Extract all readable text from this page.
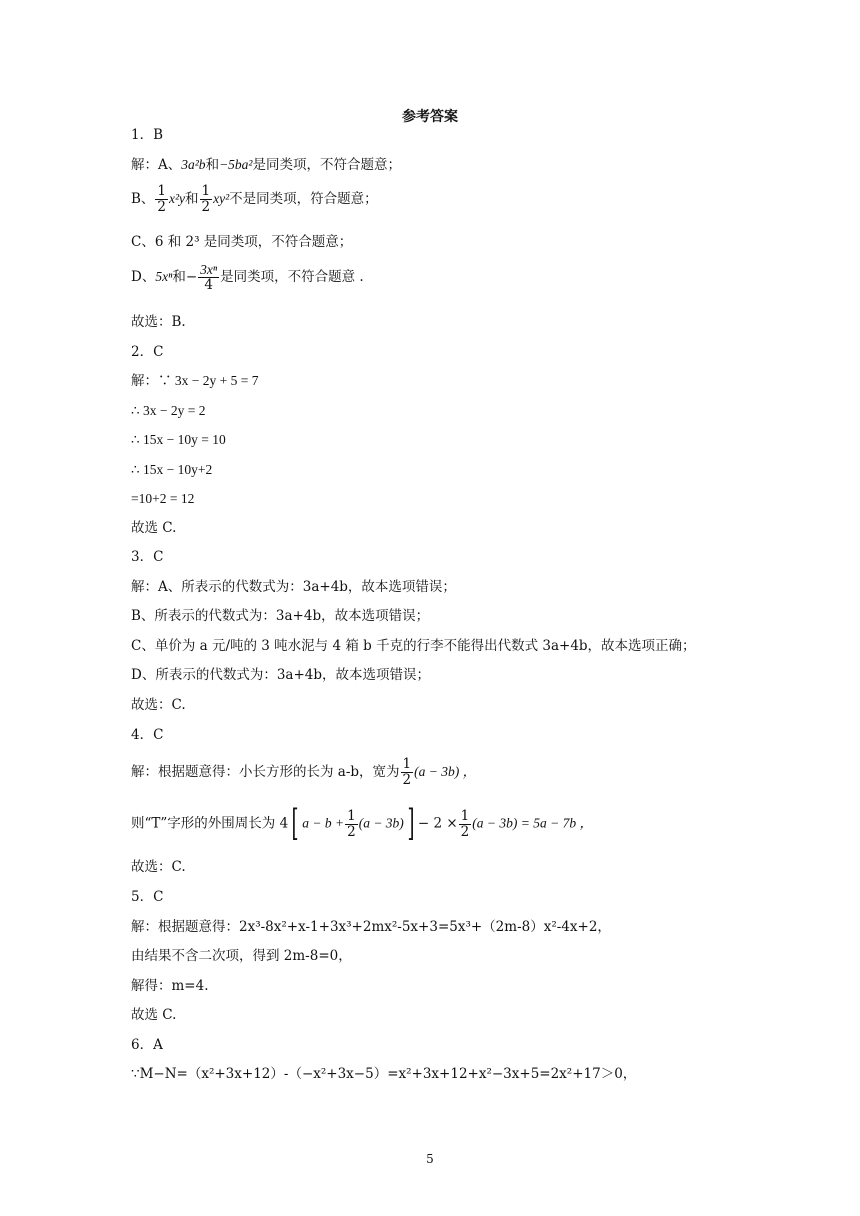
参考答案
1．B
解：A、3a²b和−5ba²是同类项，不符合题意；
B、 $\frac{1}{2} x^2y$和 $\frac{1}{2} xy^2$不是同类项，符合题意；
C、6 和 2³ 是同类项，不符合题意；
D、5xⁿ和− $\frac{\text{3xⁿ}}{4}$ 是同类项，不符合题意 .
故选：B.
2．C
解：∵ 3x − 2y + 5 = 7
∴ 3x − 2y = 2
∴ 15x − 10y = 10
∴ 15x − 10y+2
=10+2 = 12
故选 C.
3．C
解：A、所表示的代数式为：3a+4b，故本选项错误；
B、所表示的代数式为：3a+4b，故本选项错误；
C、单价为 a 元/吨的 3 吨水泥与 4 箱 b 千克的行李不能得出代数式 3a+4b，故本选项正确；
D、所表示的代数式为：3a+4b，故本选项错误；
故选：C.
4．C
解：根据题意得：小长方形的长为 a-b，宽为 $\frac{1}{2} (a - 3b)$ ，
则“T”字形的外围周长为 4[ $a - b + \frac{1}{2} (a - 3b)] - 2 \times \frac{1}{2} (a - 3b) = 5a - 7b$ ，
故选：C.
5．C
解：根据题意得：2x³-8x²+x-1+3x³+2mx²-5x+3=5x³+（2m-8）x²-4x+2，
由结果不含二次项，得到 2m-8=0，
解得：m=4.
故选 C.
6．A
∵M−N=（x²+3x+12）-（−x²+3x−5）=x²+3x+12+x²−3x+5=2x²+17＞0，
5
